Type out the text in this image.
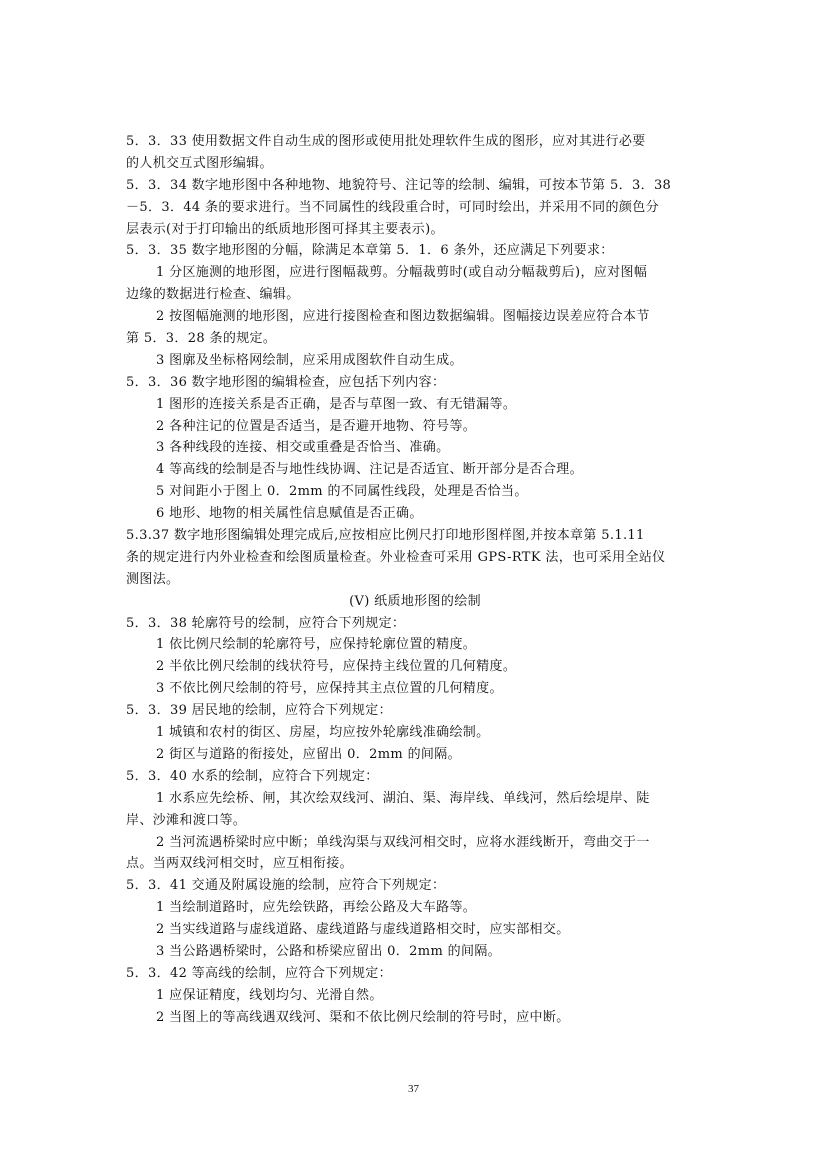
5．3．33 使用数据文件自动生成的图形或使用批处理软件生成的图形，应对其进行必要
的人机交互式图形编辑。
5．3．34 数字地形图中各种地物、地貌符号、注记等的绘制、编辑，可按本节第 5．3．38
－5．3．44 条的要求进行。当不同属性的线段重合时，可同时绘出，并采用不同的颜色分
层表示(对于打印输出的纸质地形图可择其主要表示)。
5．3．35 数字地形图的分幅，除满足本章第 5．1．6 条外，还应满足下列要求：
1 分区施测的地形图，应进行图幅裁剪。分幅裁剪时(或自动分幅裁剪后)，应对图幅
边缘的数据进行检查、编辑。
2 按图幅施测的地形图，应进行接图检查和图边数据编辑。图幅接边误差应符合本节
第 5．3．28 条的规定。
3 图廓及坐标格网绘制，应采用成图软件自动生成。
5．3．36 数字地形图的编辑检查，应包括下列内容：
1 图形的连接关系是否正确，是否与草图一致、有无错漏等。
2 各种注记的位置是否适当，是否避开地物、符号等。
3 各种线段的连接、相交或重叠是否恰当、准确。
4 等高线的绘制是否与地性线协调、注记是否适宜、断开部分是否合理。
5 对间距小于图上 0．2mm 的不同属性线段，处理是否恰当。
6 地形、地物的相关属性信息赋值是否正确。
5.3.37 数字地形图编辑处理完成后,应按相应比例尺打印地形图样图,并按本章第 5.1.11
条的规定进行内外业检查和绘图质量检查。外业检查可采用 GPS-RTK 法，也可采用全站仪
测图法。
(V) 纸质地形图的绘制
5．3．38 轮廓符号的绘制，应符合下列规定：
1 依比例尺绘制的轮廓符号，应保持轮廓位置的精度。
2 半依比例尺绘制的线状符号，应保持主线位置的几何精度。
3 不依比例尺绘制的符号，应保持其主点位置的几何精度。
5．3．39 居民地的绘制，应符合下列规定：
1 城镇和农村的街区、房屋，均应按外轮廓线准确绘制。
2 街区与道路的衔接处，应留出 0．2mm 的间隔。
5．3．40 水系的绘制，应符合下列规定：
1 水系应先绘桥、闸，其次绘双线河、湖泊、渠、海岸线、单线河，然后绘堤岸、陡
岸、沙滩和渡口等。
2 当河流遇桥梁时应中断；单线沟渠与双线河相交时，应将水涯线断开，弯曲交于一
点。当两双线河相交时，应互相衔接。
5．3．41 交通及附属设施的绘制，应符合下列规定：
1 当绘制道路时，应先绘铁路，再绘公路及大车路等。
2 当实线道路与虚线道路、虚线道路与虚线道路相交时，应实部相交。
3 当公路遇桥梁时，公路和桥梁应留出 0．2mm 的间隔。
5．3．42 等高线的绘制，应符合下列规定：
1 应保证精度，线划均匀、光滑自然。
2 当图上的等高线遇双线河、渠和不依比例尺绘制的符号时，应中断。
37
